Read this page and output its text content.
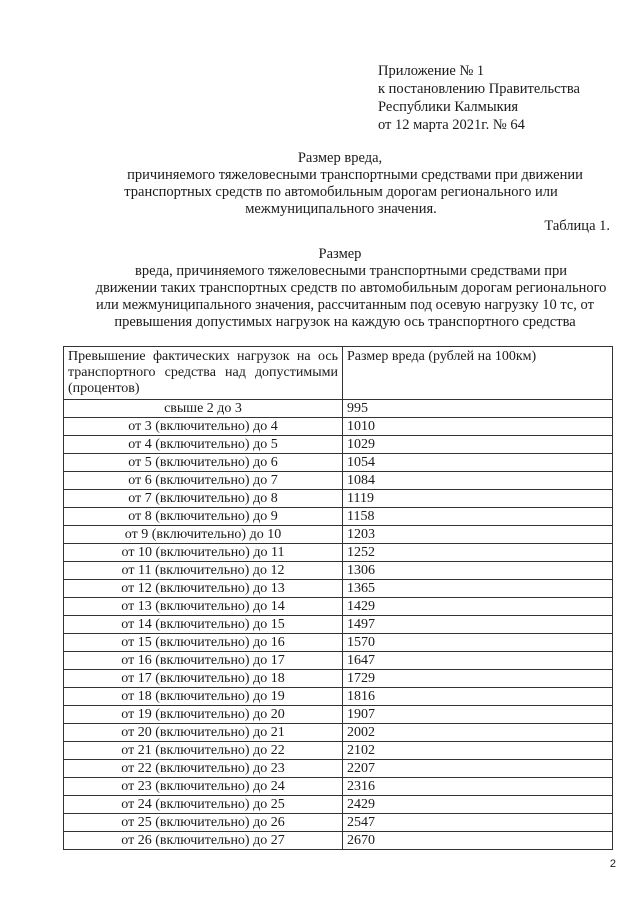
Приложение № 1
к постановлению Правительства
Республики Калмыкия
от 12 марта 2021г. № 64
Размер вреда,
причиняемого тяжеловесными транспортными средствами при движении
транспортных средств по автомобильным дорогам регионального или
межмуниципального значения.
Таблица 1.
Размер
вреда, причиняемого тяжеловесными транспортными средствами при
движении таких транспортных средств по автомобильным дорогам регионального
или межмуниципального значения, рассчитанным под осевую нагрузку 10 тс, от
превышения допустимых нагрузок на каждую ось транспортного средства
Превышение фактических нагрузок на ось транспортного средства над допустимыми (процентов)	Размер вреда (рублей на 100км)
свыше 2 до 3	995
от 3 (включительно) до 4	1010
от 4 (включительно) до 5	1029
от 5 (включительно) до 6	1054
от 6 (включительно) до 7	1084
от 7 (включительно) до 8	1119
от 8 (включительно) до 9	1158
от 9 (включительно) до 10	1203
от 10 (включительно) до 11	1252
от 11 (включительно) до 12	1306
от 12 (включительно) до 13	1365
от 13 (включительно) до 14	1429
от 14 (включительно) до 15	1497
от 15 (включительно) до 16	1570
от 16 (включительно) до 17	1647
от 17 (включительно) до 18	1729
от 18 (включительно) до 19	1816
от 19 (включительно) до 20	1907
от 20 (включительно) до 21	2002
от 21 (включительно) до 22	2102
от 22 (включительно) до 23	2207
от 23 (включительно) до 24	2316
от 24 (включительно) до 25	2429
от 25 (включительно) до 26	2547
от 26 (включительно) до 27	2670
2
